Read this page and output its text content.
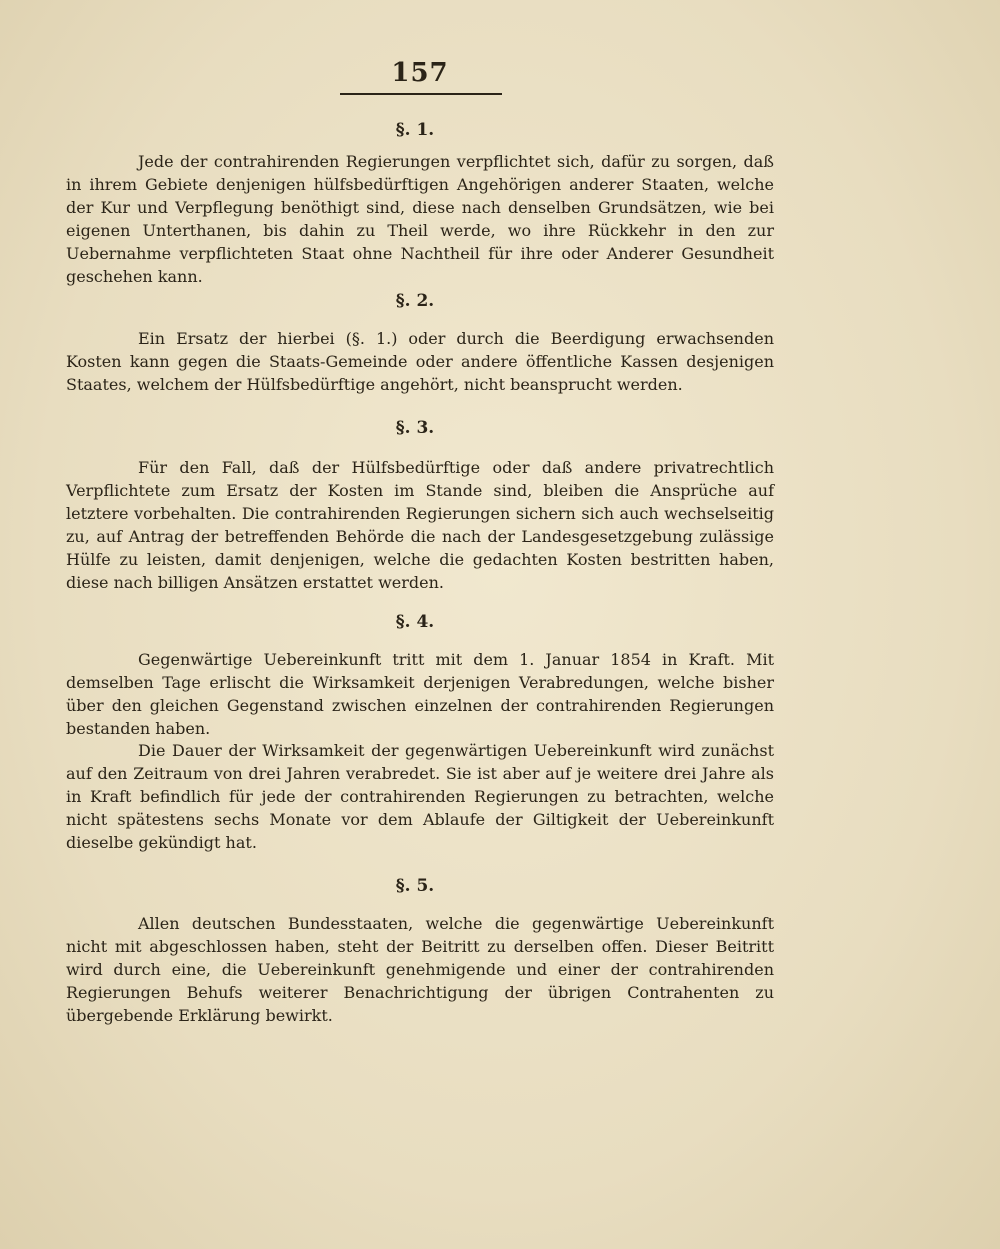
157
§. 1.

Jede der contrahirenden Regierungen verpflichtet sich, dafür zu sorgen, daß in ihrem Gebiete denjenigen hülfsbedürftigen Angehörigen anderer Staaten, welche der Kur und Verpflegung benöthigt sind, diese nach denselben Grundsätzen, wie bei eigenen Unterthanen, bis dahin zu Theil werde, wo ihre Rückkehr in den zur Uebernahme verpflichteten Staat ohne Nachtheil für ihre oder Anderer Gesundheit geschehen kann.

§. 2.

Ein Ersatz der hierbei (§. 1.) oder durch die Beerdigung erwachsenden Kosten kann gegen die Staats-Gemeinde oder andere öffentliche Kassen desjenigen Staates, welchem der Hülfsbedürftige angehört, nicht beansprucht werden.

§. 3.

Für den Fall, daß der Hülfsbedürftige oder daß andere privatrechtlich Verpflichtete zum Ersatz der Kosten im Stande sind, bleiben die Ansprüche auf letztere vorbehalten. Die contrahirenden Regierungen sichern sich auch wechselseitig zu, auf Antrag der betreffenden Behörde die nach der Landesgesetzgebung zulässige Hülfe zu leisten, damit denjenigen, welche die gedachten Kosten bestritten haben, diese nach billigen Ansätzen erstattet werden.

§. 4.

Gegenwärtige Uebereinkunft tritt mit dem 1. Januar 1854 in Kraft. Mit demselben Tage erlischt die Wirksamkeit derjenigen Verabredungen, welche bisher über den gleichen Gegenstand zwischen einzelnen der contrahirenden Regierungen bestanden haben.

Die Dauer der Wirksamkeit der gegenwärtigen Uebereinkunft wird zunächst auf den Zeitraum von drei Jahren verabredet. Sie ist aber auf je weitere drei Jahre als in Kraft befindlich für jede der contrahirenden Regierungen zu betrachten, welche nicht spätestens sechs Monate vor dem Ablaufe der Giltigkeit der Uebereinkunft dieselbe gekündigt hat.

§. 5.

Allen deutschen Bundesstaaten, welche die gegenwärtige Uebereinkunft nicht mit abgeschlossen haben, steht der Beitritt zu derselben offen. Dieser Beitritt wird durch eine, die Uebereinkunft genehmigende und einer der contrahirenden Regierungen Behufs weiterer Benachrichtigung der übrigen Contrahenten zu übergebende Erklärung bewirkt.
